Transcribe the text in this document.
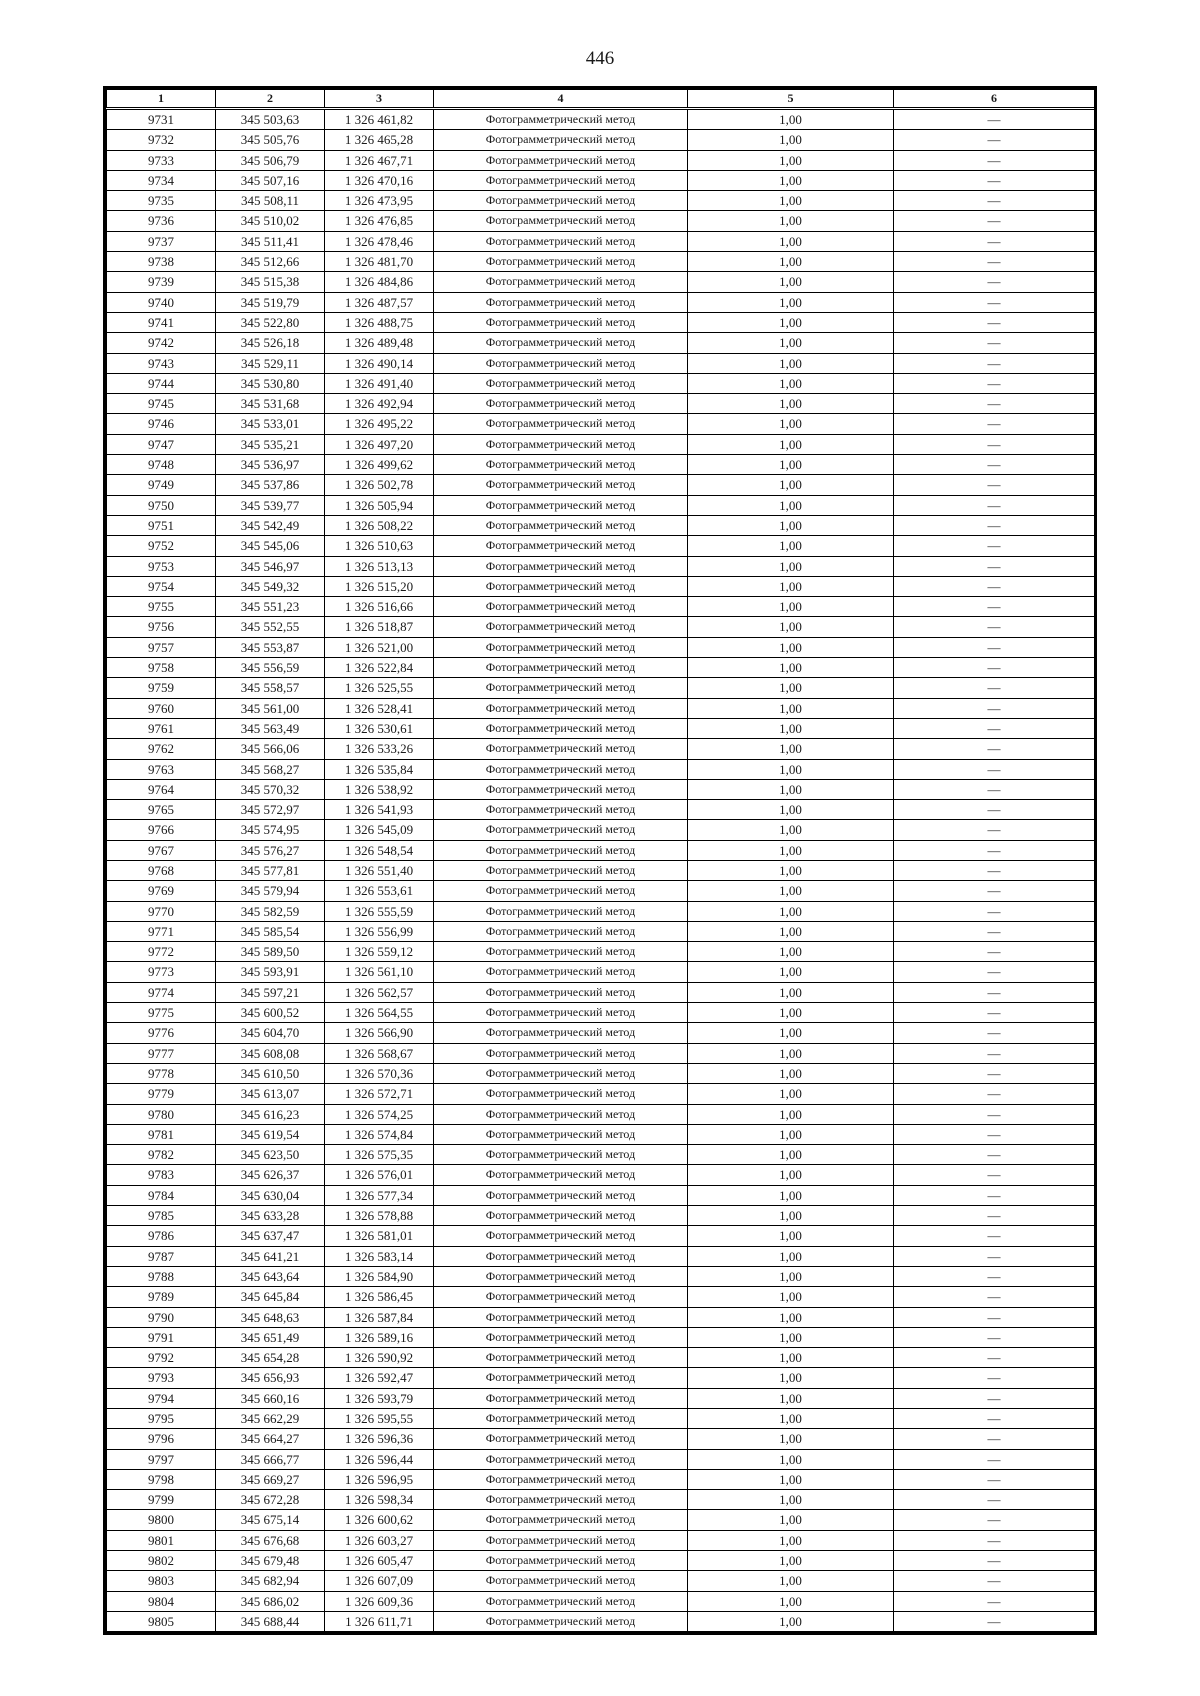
446
1	2	3	4	5	6
9731	345 503,63	1 326 461,82	Фотограмметрический метод	1,00	—
9732	345 505,76	1 326 465,28	Фотограмметрический метод	1,00	—
9733	345 506,79	1 326 467,71	Фотограмметрический метод	1,00	—
9734	345 507,16	1 326 470,16	Фотограмметрический метод	1,00	—
9735	345 508,11	1 326 473,95	Фотограмметрический метод	1,00	—
9736	345 510,02	1 326 476,85	Фотограмметрический метод	1,00	—
9737	345 511,41	1 326 478,46	Фотограмметрический метод	1,00	—
9738	345 512,66	1 326 481,70	Фотограмметрический метод	1,00	—
9739	345 515,38	1 326 484,86	Фотограмметрический метод	1,00	—
9740	345 519,79	1 326 487,57	Фотограмметрический метод	1,00	—
9741	345 522,80	1 326 488,75	Фотограмметрический метод	1,00	—
9742	345 526,18	1 326 489,48	Фотограмметрический метод	1,00	—
9743	345 529,11	1 326 490,14	Фотограмметрический метод	1,00	—
9744	345 530,80	1 326 491,40	Фотограмметрический метод	1,00	—
9745	345 531,68	1 326 492,94	Фотограмметрический метод	1,00	—
9746	345 533,01	1 326 495,22	Фотограмметрический метод	1,00	—
9747	345 535,21	1 326 497,20	Фотограмметрический метод	1,00	—
9748	345 536,97	1 326 499,62	Фотограмметрический метод	1,00	—
9749	345 537,86	1 326 502,78	Фотограмметрический метод	1,00	—
9750	345 539,77	1 326 505,94	Фотограмметрический метод	1,00	—
9751	345 542,49	1 326 508,22	Фотограмметрический метод	1,00	—
9752	345 545,06	1 326 510,63	Фотограмметрический метод	1,00	—
9753	345 546,97	1 326 513,13	Фотограмметрический метод	1,00	—
9754	345 549,32	1 326 515,20	Фотограмметрический метод	1,00	—
9755	345 551,23	1 326 516,66	Фотограмметрический метод	1,00	—
9756	345 552,55	1 326 518,87	Фотограмметрический метод	1,00	—
9757	345 553,87	1 326 521,00	Фотограмметрический метод	1,00	—
9758	345 556,59	1 326 522,84	Фотограмметрический метод	1,00	—
9759	345 558,57	1 326 525,55	Фотограмметрический метод	1,00	—
9760	345 561,00	1 326 528,41	Фотограмметрический метод	1,00	—
9761	345 563,49	1 326 530,61	Фотограмметрический метод	1,00	—
9762	345 566,06	1 326 533,26	Фотограмметрический метод	1,00	—
9763	345 568,27	1 326 535,84	Фотограмметрический метод	1,00	—
9764	345 570,32	1 326 538,92	Фотограмметрический метод	1,00	—
9765	345 572,97	1 326 541,93	Фотограмметрический метод	1,00	—
9766	345 574,95	1 326 545,09	Фотограмметрический метод	1,00	—
9767	345 576,27	1 326 548,54	Фотограмметрический метод	1,00	—
9768	345 577,81	1 326 551,40	Фотограмметрический метод	1,00	—
9769	345 579,94	1 326 553,61	Фотограмметрический метод	1,00	—
9770	345 582,59	1 326 555,59	Фотограмметрический метод	1,00	—
9771	345 585,54	1 326 556,99	Фотограмметрический метод	1,00	—
9772	345 589,50	1 326 559,12	Фотограмметрический метод	1,00	—
9773	345 593,91	1 326 561,10	Фотограмметрический метод	1,00	—
9774	345 597,21	1 326 562,57	Фотограмметрический метод	1,00	—
9775	345 600,52	1 326 564,55	Фотограмметрический метод	1,00	—
9776	345 604,70	1 326 566,90	Фотограмметрический метод	1,00	—
9777	345 608,08	1 326 568,67	Фотограмметрический метод	1,00	—
9778	345 610,50	1 326 570,36	Фотограмметрический метод	1,00	—
9779	345 613,07	1 326 572,71	Фотограмметрический метод	1,00	—
9780	345 616,23	1 326 574,25	Фотограмметрический метод	1,00	—
9781	345 619,54	1 326 574,84	Фотограмметрический метод	1,00	—
9782	345 623,50	1 326 575,35	Фотограмметрический метод	1,00	—
9783	345 626,37	1 326 576,01	Фотограмметрический метод	1,00	—
9784	345 630,04	1 326 577,34	Фотограмметрический метод	1,00	—
9785	345 633,28	1 326 578,88	Фотограмметрический метод	1,00	—
9786	345 637,47	1 326 581,01	Фотограмметрический метод	1,00	—
9787	345 641,21	1 326 583,14	Фотограмметрический метод	1,00	—
9788	345 643,64	1 326 584,90	Фотограмметрический метод	1,00	—
9789	345 645,84	1 326 586,45	Фотограмметрический метод	1,00	—
9790	345 648,63	1 326 587,84	Фотограмметрический метод	1,00	—
9791	345 651,49	1 326 589,16	Фотограмметрический метод	1,00	—
9792	345 654,28	1 326 590,92	Фотограмметрический метод	1,00	—
9793	345 656,93	1 326 592,47	Фотограмметрический метод	1,00	—
9794	345 660,16	1 326 593,79	Фотограмметрический метод	1,00	—
9795	345 662,29	1 326 595,55	Фотограмметрический метод	1,00	—
9796	345 664,27	1 326 596,36	Фотограмметрический метод	1,00	—
9797	345 666,77	1 326 596,44	Фотограмметрический метод	1,00	—
9798	345 669,27	1 326 596,95	Фотограмметрический метод	1,00	—
9799	345 672,28	1 326 598,34	Фотограмметрический метод	1,00	—
9800	345 675,14	1 326 600,62	Фотограмметрический метод	1,00	—
9801	345 676,68	1 326 603,27	Фотограмметрический метод	1,00	—
9802	345 679,48	1 326 605,47	Фотограмметрический метод	1,00	—
9803	345 682,94	1 326 607,09	Фотограмметрический метод	1,00	—
9804	345 686,02	1 326 609,36	Фотограмметрический метод	1,00	—
9805	345 688,44	1 326 611,71	Фотограмметрический метод	1,00	—
